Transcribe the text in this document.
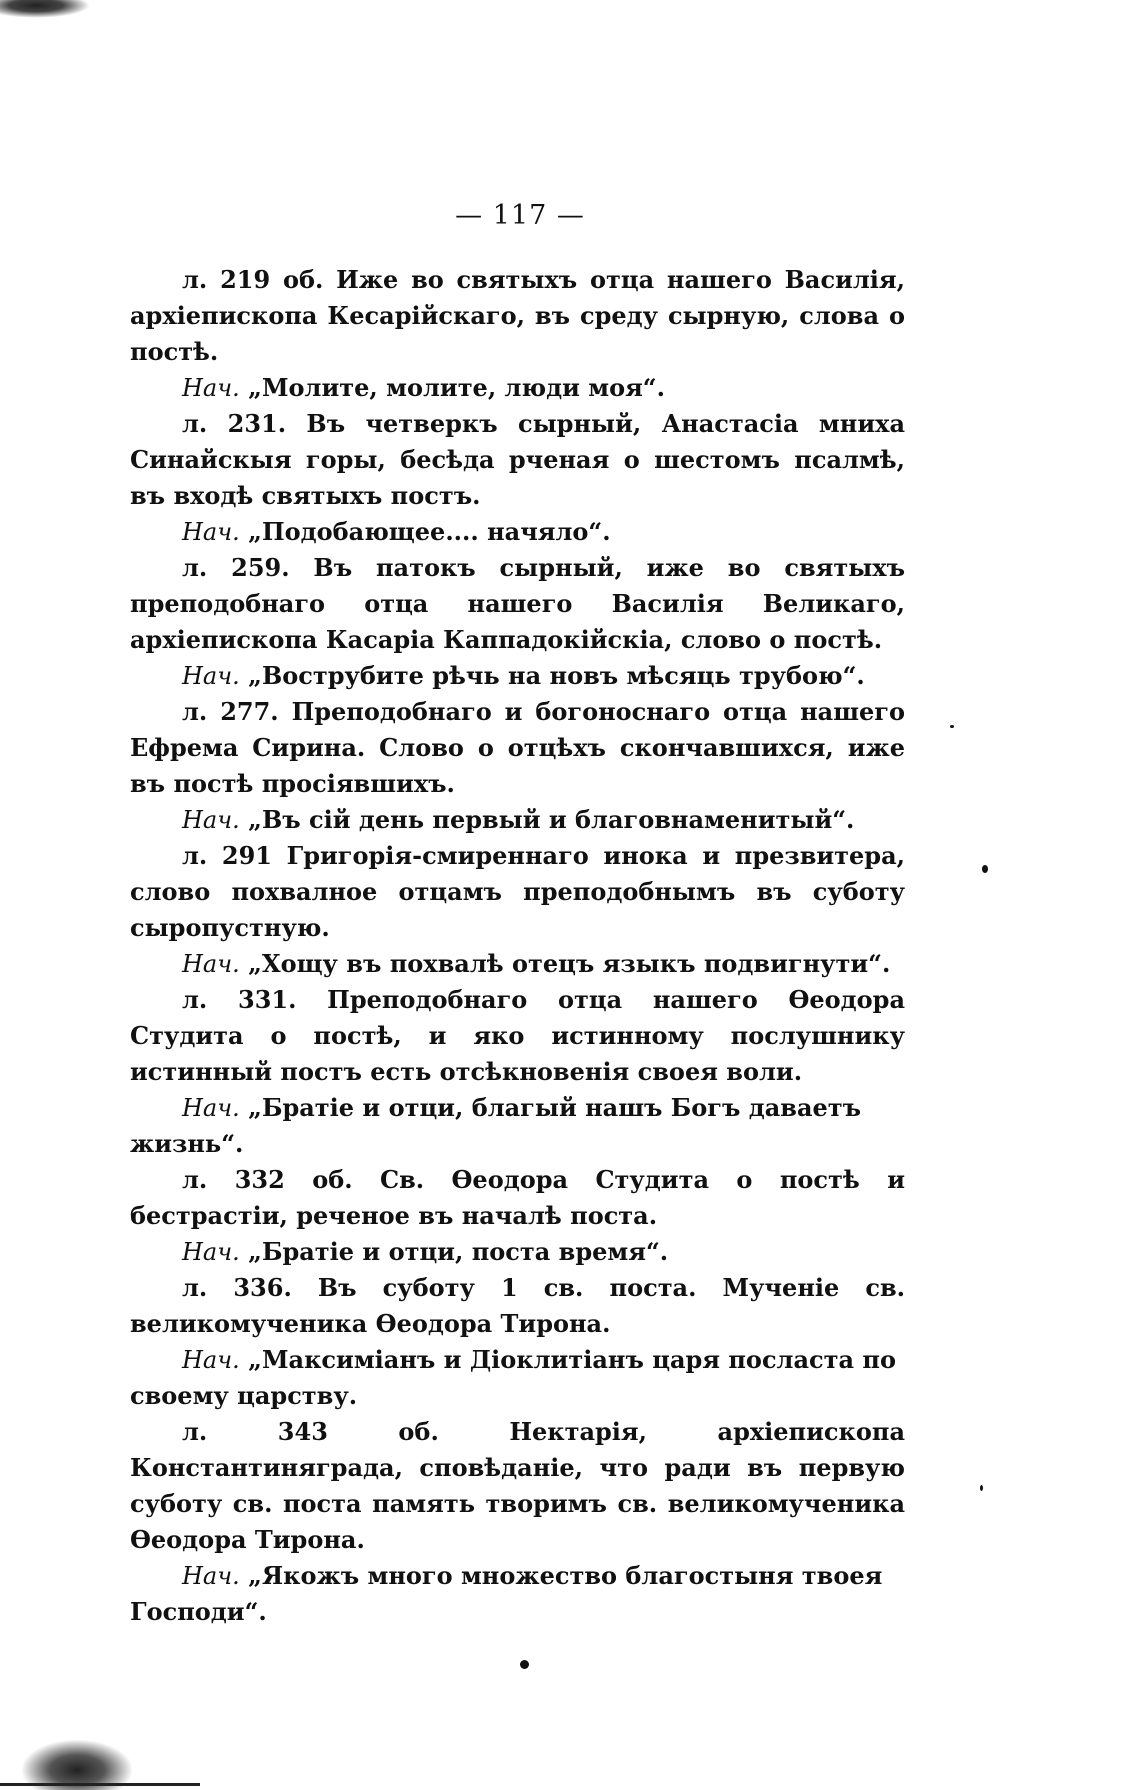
— 117 —

л. 219 об. Иже во святыхъ отца нашего Василія, архіепископа Кесарійскаго, въ среду сырную, слова о постѣ.

Нач. „Молите, молите, люди моя“.

л. 231. Въ четвеpкъ сырный, Анастасіа мниха Синайскыя горы, бесѣда рченая о шестомъ псалмѣ, въ входѣ святыхъ постъ.

Нач. „Подобающее.... начяло“.

л. 259. Въ патокъ сырный, иже во святыхъ преподобнаго отца нашего Василія Великаго, архіепископа Касаріа Каппадокійскіа, слово о постѣ.

Нач. „Вострубите рѣчь на новъ мѣсяць трубою“.

л. 277. Преподобнаго и богоноснаго отца нашего Ефрема Сирина. Слово о отцѣхъ скончавшихся, иже въ постѣ просіявшихъ.

Нач. „Въ сій день первый и благовнаменитый“.

л. 291 Григорія-смиреннаго инока и презвитера, слово похвалное отцамъ преподобнымъ въ суботу сыропустную.

Нач. „Хощу въ похвалѣ отецъ языкъ подвигнути“.

л. 331. Преподобнаго отца нашего Ѳеодора Студита о постѣ, и яко истинному послушнику истинный постъ есть отсѣкновенія своея воли.

Нач. „Братіе и отци, благый нашъ Богъ даваетъ жизнь“.

л. 332 об. Св. Ѳеодора Студита о постѣ и бестрастіи, реченое въ началѣ поста.

Нач. „Братіе и отци, поста время“.

л. 336. Въ суботу 1 св. поста. Мученіе св. великомученика Ѳеодора Тирона.

Нач. „Максиміанъ и Діоклитіанъ царя посласта по своему царству.

л. 343 об. Нектарія, архіепископа Константиняграда, сповѣданіе, что ради въ первую суботу св. поста память творимъ св. великомученика Ѳеодора Тирона.

Нач. „Якожъ много множество благостыня твоея Господи“.
